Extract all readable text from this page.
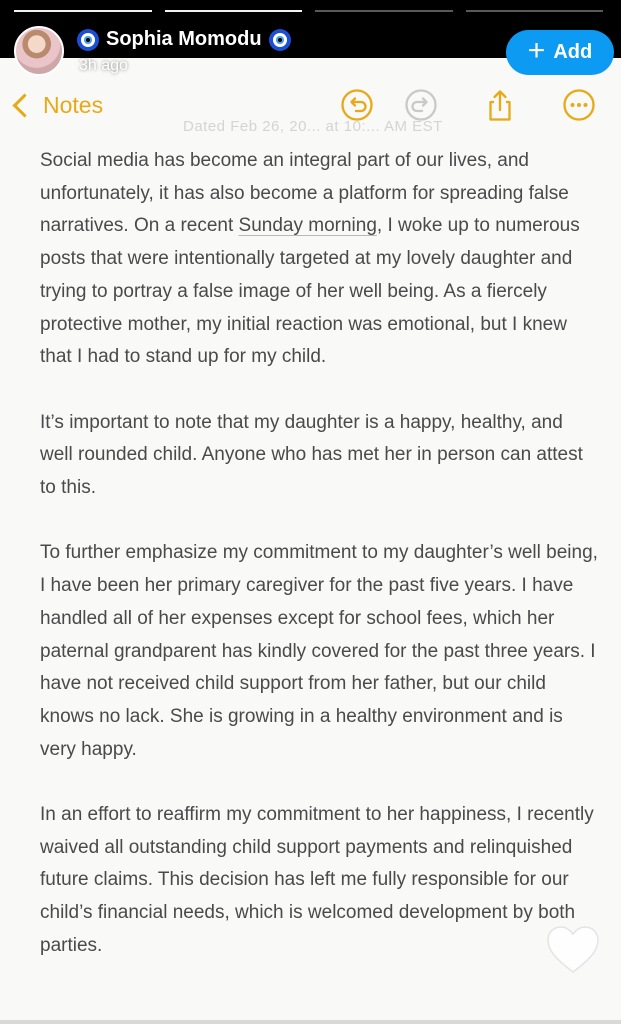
Sophia Momodu
3h ago	+ Add
Notes
Dated Feb 26, 20... at 10:... AM EST

Social media has become an integral part of our lives, and unfortunately, it has also become a platform for spreading false narratives. On a recent Sunday morning, I woke up to numerous posts that were intentionally targeted at my lovely daughter and trying to portray a false image of her well being. As a fiercely protective mother, my initial reaction was emotional, but I knew that I had to stand up for my child.

It’s important to note that my daughter is a happy, healthy, and well rounded child. Anyone who has met her in person can attest to this.

To further emphasize my commitment to my daughter’s well being, I have been her primary caregiver for the past five years. I have handled all of her expenses except for school fees, which her paternal grandparent has kindly covered for the past three years. I have not received child support from her father, but our child knows no lack. She is growing in a healthy environment and is very happy.

In an effort to reaffirm my commitment to her happiness, I recently waived all outstanding child support payments and relinquished future claims. This decision has left me fully responsible for our child’s financial needs, which is welcomed development by both parties.
